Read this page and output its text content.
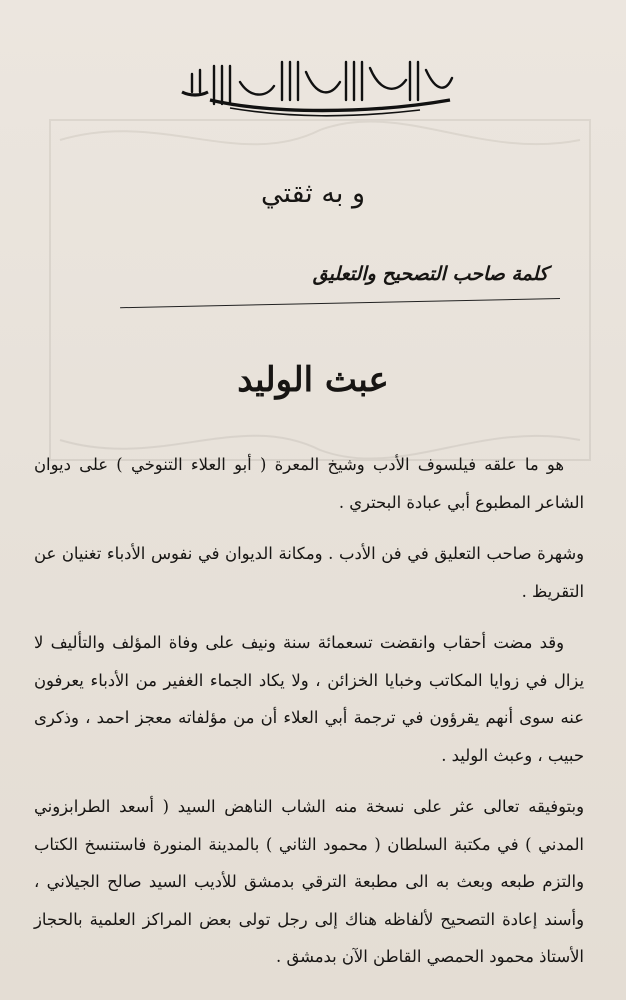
و به ثقتي
كلمة صاحب التصحيح والتعليق
عبث الوليد

هو ما علقه فيلسوف الأدب وشيخ المعرة ( أبو العلاء التنوخي ) على ديوان الشاعر المطبوع أبي عبادة البحتري .

وشهرة صاحب التعليق في فن الأدب . ومكانة الديوان في نفوس الأدباء تغنيان عن التقريظ .

وقد مضت أحقاب وانقضت تسعمائة سنة ونيف على وفاة المؤلف والتأليف لا يزال في زوايا المكاتب وخبايا الخزائن ، ولا يكاد الجماء الغفير من الأدباء يعرفون عنه سوى أنهم يقرؤون في ترجمة أبي العلاء أن من مؤلفاته معجز احمد ، وذكرى حبيب ، وعبث الوليد .

وبتوفيقه تعالى عثر على نسخة منه الشاب الناهض السيد ( أسعد الطرابزوني المدني ) في مكتبة السلطان ( محمود الثاني ) بالمدينة المنورة فاستنسخ الكتاب والتزم طبعه وبعث به الى مطبعة الترقي بدمشق للأديب السيد صالح الجيلاني ، وأسند إعادة التصحيح لألفاظه هناك إلى رجل تولى بعض المراكز العلمية بالحجاز الأستاذ محمود الحمصي القاطن الآن بدمشق .
